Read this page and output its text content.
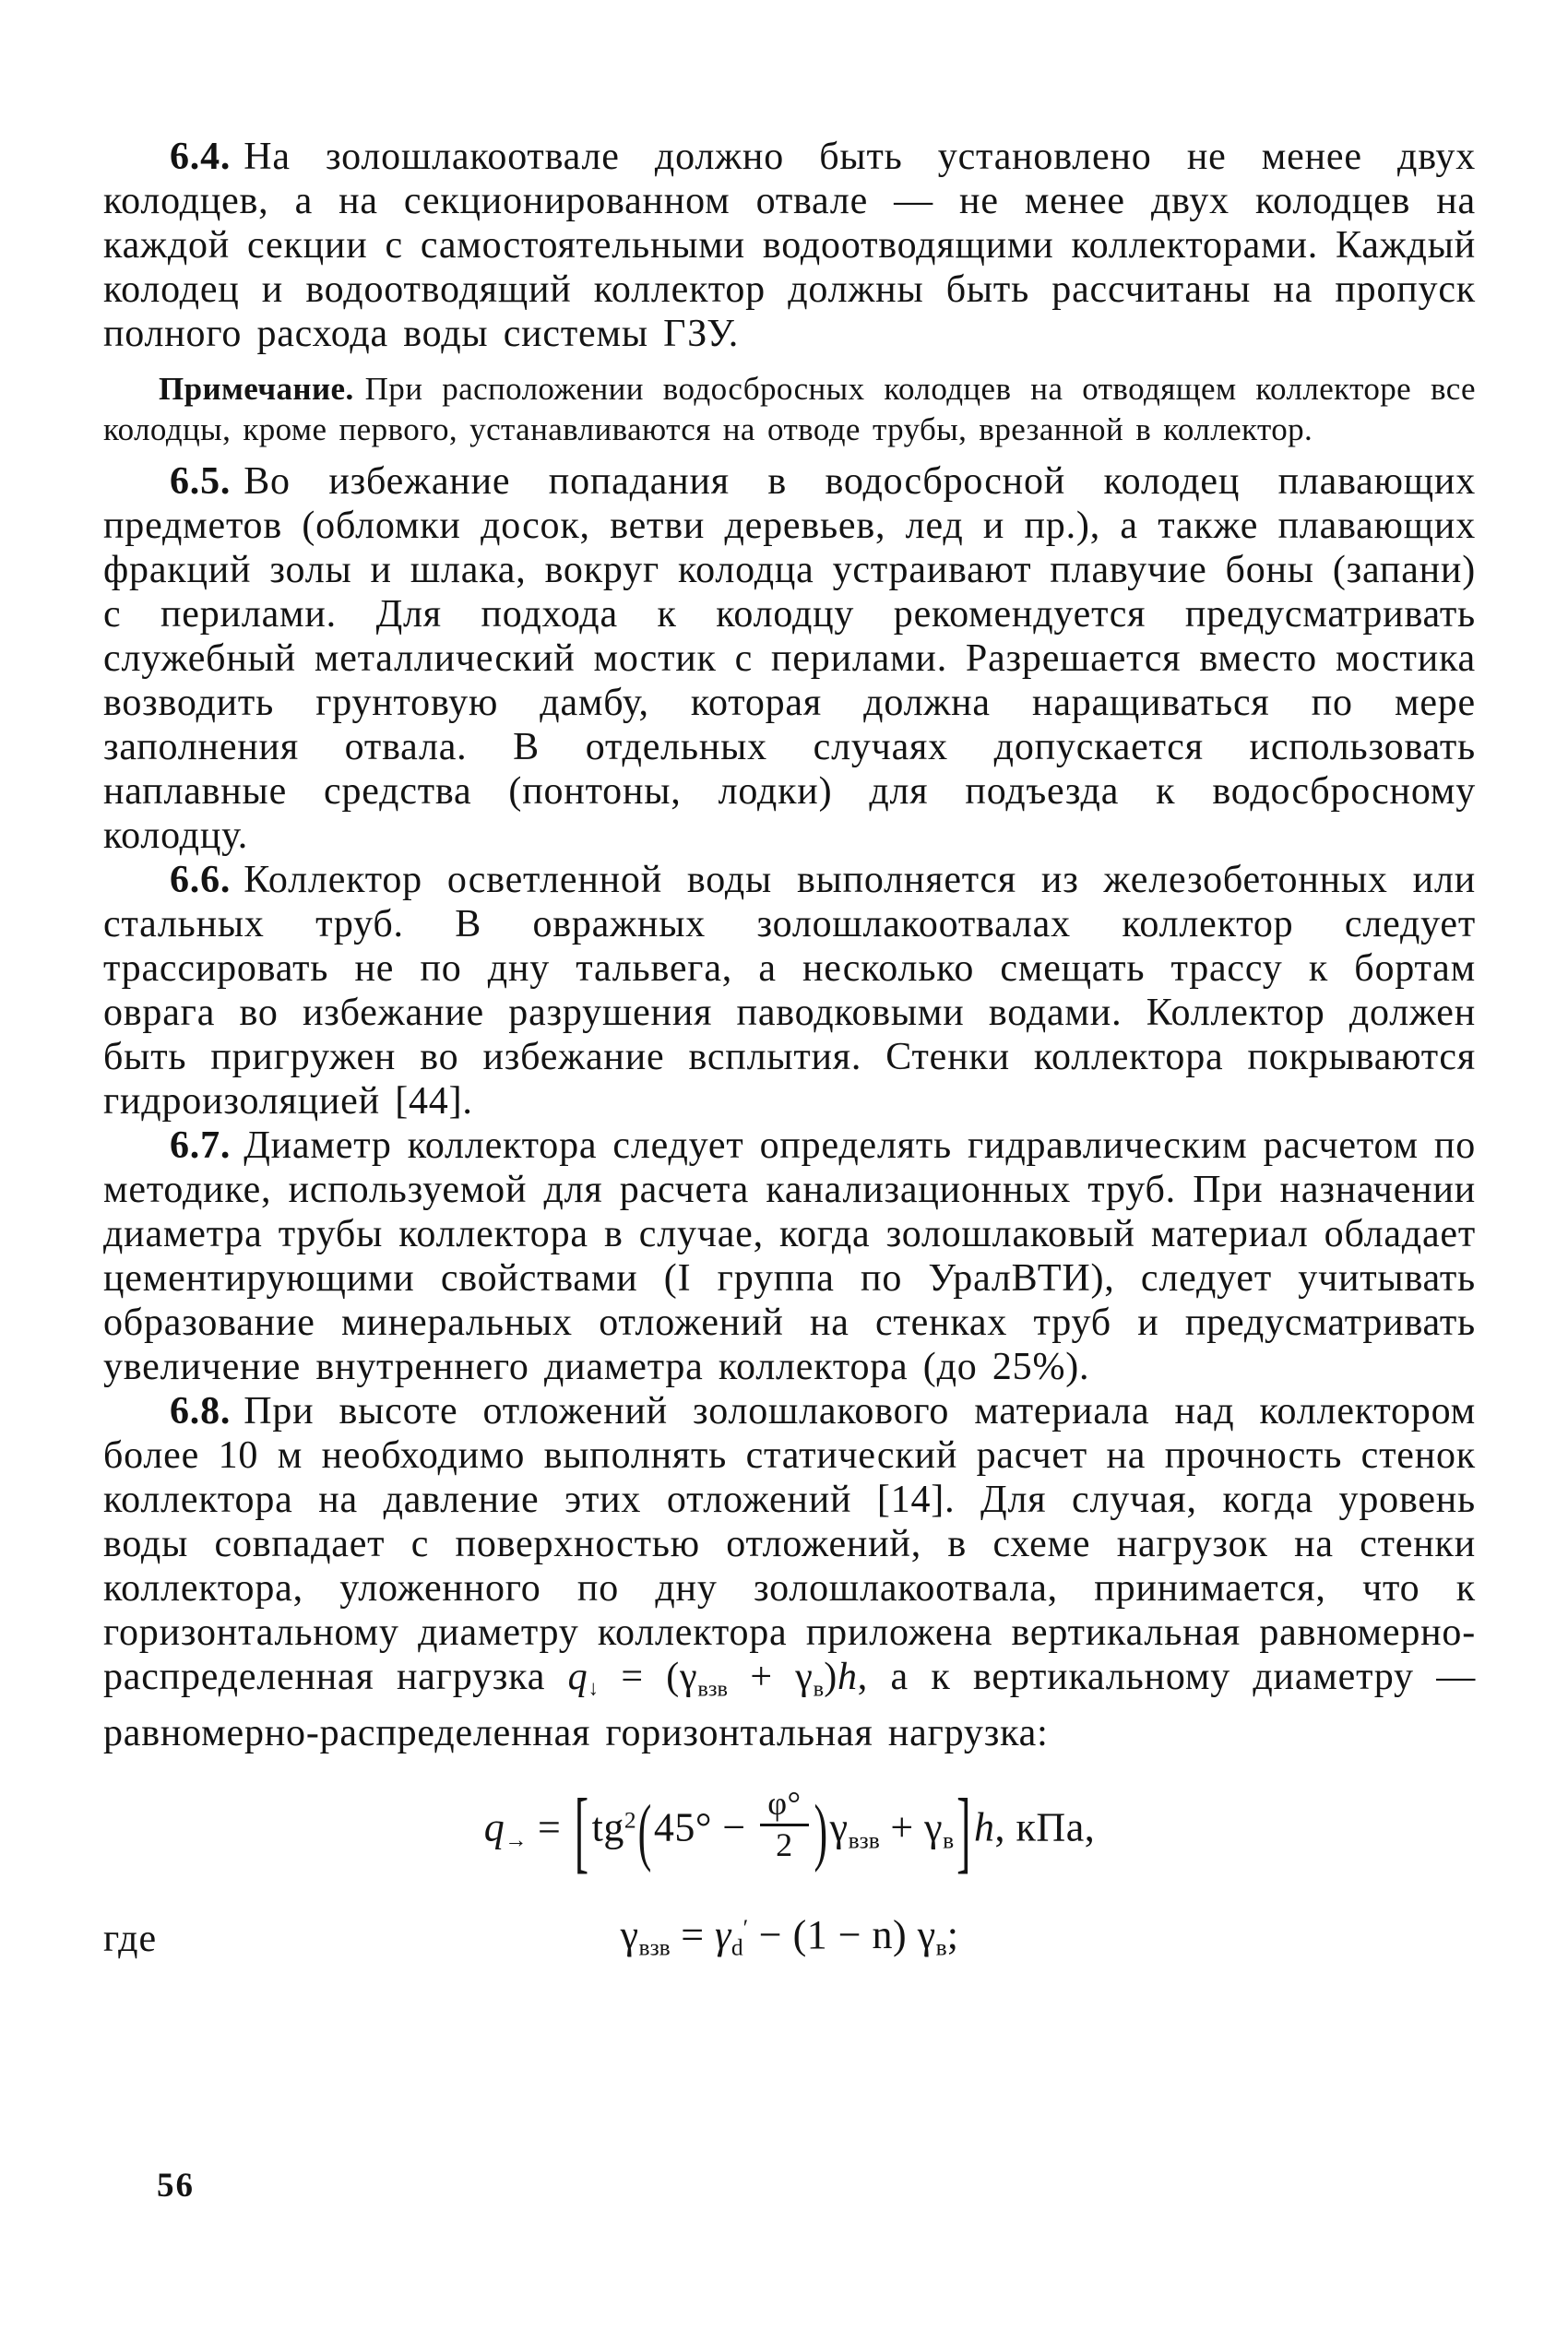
6.4. На золошлакоотвале должно быть установлено не менее двух колодцев, а на секционированном отвале — не менее двух колодцев на каждой секции с самостоятельными водоотводящими коллекторами. Каждый колодец и водоотводящий коллектор должны быть рассчитаны на пропуск полного расхода воды системы ГЗУ.

Примечание. При расположении водосбросных колодцев на отводящем коллекторе все колодцы, кроме первого, устанавливаются на отводе трубы, врезанной в коллектор.

6.5. Во избежание попадания в водосбросной колодец плавающих предметов (обломки досок, ветви деревьев, лед и пр.), а также плавающих фракций золы и шлака, вокруг колодца устраивают плавучие боны (запани) с перилами. Для подхода к колодцу рекомендуется предусматривать служебный металлический мостик с перилами. Разрешается вместо мостика возводить грунтовую дамбу, которая должна наращиваться по мере заполнения отвала. В отдельных случаях допускается использовать наплавные средства (понтоны, лодки) для подъезда к водосбросному колодцу.

6.6. Коллектор осветленной воды выполняется из железобетонных или стальных труб. В овражных золошлакоотвалах коллектор следует трассировать не по дну тальвега, а несколько смещать трассу к бортам оврага во избежание разрушения паводковыми водами. Коллектор должен быть пригружен во избежание всплытия. Стенки коллектора покрываются гидроизоляцией [44].

6.7. Диаметр коллектора следует определять гидравлическим расчетом по методике, используемой для расчета канализационных труб. При назначении диаметра трубы коллектора в случае, когда золошлаковый материал обладает цементирующими свойствами (I группа по УралВТИ), следует учитывать образование минеральных отложений на стенках труб и предусматривать увеличение внутреннего диаметра коллектора (до 25%).

6.8. При высоте отложений золошлакового материала над коллектором более 10 м необходимо выполнять статический расчет на прочность стенок коллектора на давление этих отложений [14]. Для случая, когда уровень воды совпадает с поверхностью отложений, в схеме нагрузок на стенки коллектора, уложенного по дну золошлакоотвала, принимается, что к горизонтальному диаметру коллектора приложена вертикальная равномерно-распределенная нагрузка $q_↓ = (\gamma_{взв} + \gamma_в)h$, а к вертикальному диаметру — равномерно-распределенная горизонтальная нагрузка:

$q_\to = [tg^2(45^\circ - \frac{\varphi^\circ}{2} )\gamma_{взв} + \gamma_в]h$, кПа,
где	$\gamma_{взв} = \gamma_d' - (1 - n)$ $\gamma_в$;
56
